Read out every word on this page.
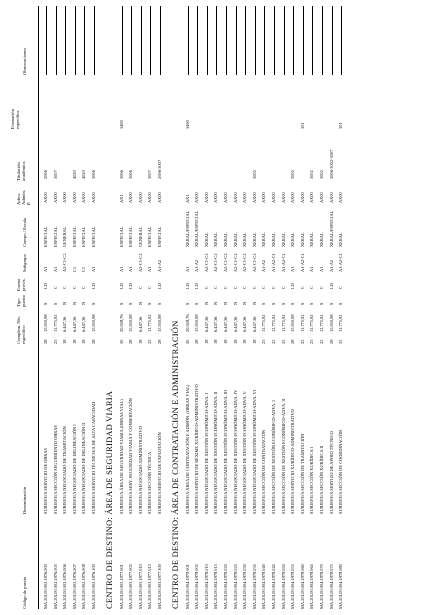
Código de puesto
Denominación
Complem. Niv. específico
Tipo puesto
Forma provis.
Subgrupo
Cuerpo / Escala
Adscr. Admón. P.
Titulación académica
Formación específica
Observaciones
MA.20L00.002.1876.000
SUBJEFE/A SERVICIO DE OBRAS
28
15.950,98
S
LD
A1
ESPECIAL
AX00
2006
MA.20L00.002.1876.005
SUBJEFE/A SECCIÓN SEGUIMIENTO OBRAS
25
11.775,92
S
C
A1
ESPECIAL
AX00
3007
MA.20L00.002.1876.006
SUBJEFE/A NEGOCIADO DE TRAMITACIÓN
18
6.447,36
N
C
A2-C1-C2
GENERAL
AX00
MA.20L00.002.1876.007
SUBJEFE/A NEGOCIADO DE DELINEACIÓN I
18
6.447,36
N
C
C1
ESPECIAL
AX00
4020
MA.20L00.002.1876.008
SUBJEFE/A NEGOCIADO DE DELINEACIÓN II
18
6.447,36
N
C
C1
ESPECIAL
AX00
4020
MA.20L00.002.1876.100
SUBJEFE/A SERVICIO TÉCNICO/A DE ALTA CAPACIDAD
28
15.950,98
S
LD
A1
ESPECIAL
AX00
3006
CENTRO DE DESTINO: ÁREA DE SEGURIDAD VIARIA MA.20L00.003.1877.001
SUBJEFE/A ÁREA DE SEGURIDAD VIARIA (OBRAS VIAL)
30
20.928,76
S
LD
A1
ESPECIAL
AX1
3006
3490
MA.20L00.003.1877.005
SUBJEFE/A SERV. SEGURIDAD VIARIA Y CONSERVACIÓN
28
15.950,98
S
LD
A1
ESPECIAL
AX00
3006
MA.20L00.003.1877.010
SUBJEFE/A NEGOCIADO ADMINISTRATIVO
18
6.447,36
N
C
A2-C1-C2
GENERAL
AX00
MA.20L00.003.1877.015
SUBJEFE/A SECCIÓN TÉCNICA
25
11.775,92
S
C
A1
ESPECIAL
AX00
3007
MA.20L00.003.1877.100
SUBJEFE/A SERVICIO DE EXPLOTACIÓN
28
15.950,98
S
LD
A1-A2
ESPECIAL
AX00
2006-3007
CENTRO DE DESTINO: ÁREA DE CONTRATACIÓN E ADMINISTRACIÓN MA.20L00.004.1878.001
SUBJEFE/A ÁREA DE CONTRATACIÓN E ADMÓN. (OBRAS VIAL)
30
20.928,76
S
LD
A1
XERAL/ESPECIAL
AX1
3490
MA.20L00.004.1878.005
SUBJEFE/A SERVICIO DE RÉXIME XURÍDICO-ADMINISTRATIVO
28
15.950,98
S
LD
A1-A2
XERAL/ESPECIAL
AX00
MA.20L00.004.1878.010
SUBJEFE/A NEGOCIADO DE XESTIÓN ECONÓMICO-ADVA. I
18
6.447,36
N
C
A2-C1-C2
XERAL
AX00
MA.20L00.004.1878.015
SUBJEFE/A NEGOCIADO DE XESTIÓN ECONÓMICO-ADVA. II
18
6.447,36
N
C
A2-C1-C2
XERAL
AX00
MA.20L00.004.1878.020
SUBJEFE/A NEGOCIADO DE XESTIÓN ECONÓMICO-ADVA. III
18
6.447,36
N
C
A2-C1-C2
XERAL
AX00
MA.20L00.004.1878.025
SUBJEFE/A NEGOCIADO DE XESTIÓN ECONÓMICO-ADVA. IV
18
6.447,36
N
C
A2-C1-C2
XERAL
AX00
MA.20L00.004.1878.030
SUBJEFE/A NEGOCIADO DE XESTIÓN ECONÓMICO-ADVA. V
18
6.447,36
N
C
A2-C1-C2
XERAL
AX00
MA.20L00.004.1878.035
SUBJEFE/A NEGOCIADO DE XESTIÓN ECONÓMICO-ADVA. VI
18
6.447,36
N
C
A2-C1-C2
XERAL
AX00
3002
MA.20L00.004.1878.040
SUBJEFE/A SECCIÓN DE CONTRATACIÓN
25
11.775,92
S
C
A1-A2
XERAL
AX00
MA.20L00.004.1878.045
SUBJEFE/A SECCIÓN DE XESTIÓN ECONÓMICO-ADVA. I
25
11.775,92
S
C
A1-A2-C1
XERAL
AX00
MA.20L00.004.1878.050
SUBJEFE/A SECCIÓN DE XESTIÓN ECONÓMICO-ADVA. II
25
11.775,92
S
C
A1-A2-C1
XERAL
AX00
MA.20L00.004.1878.055
SUBJEFE/A SERVICIO XURÍDICO-ADMINISTRATIVO
28
15.950,98
S
LD
A1
XERAL
AX00
3002
MA.20L00.004.1878.060
SUBJEFE/A SECCIÓN DE TRAMITACIÓN
25
11.775,92
S
C
A1-A2-C1
XERAL
AX00
301
MA.20L00.004.1878.065
SUBJEFE/A SECCIÓN XURÍDICA I
25
11.775,92
S
C
A1
XERAL
AX00
3002
MA.20L00.004.1878.070
SUBJEFE/A SECCIÓN XURÍDICA II
25
11.775,92
S
C
A1
XERAL
AX00
3002
MA.20L00.004.1878.075
SUBJEFE/A SERVIZO DE APOIO TÉCNICO
28
15.950,98
S
LD
A1-A2
XERAL/ESPECIAL
AX00
3006-3002-3007
MA.20L00.004.1878.080
SUBJEFE/A SECCIÓN DE COORDINACIÓN
25
11.775,92
S
C
A1-A2-C1
XERAL
AX00
301
